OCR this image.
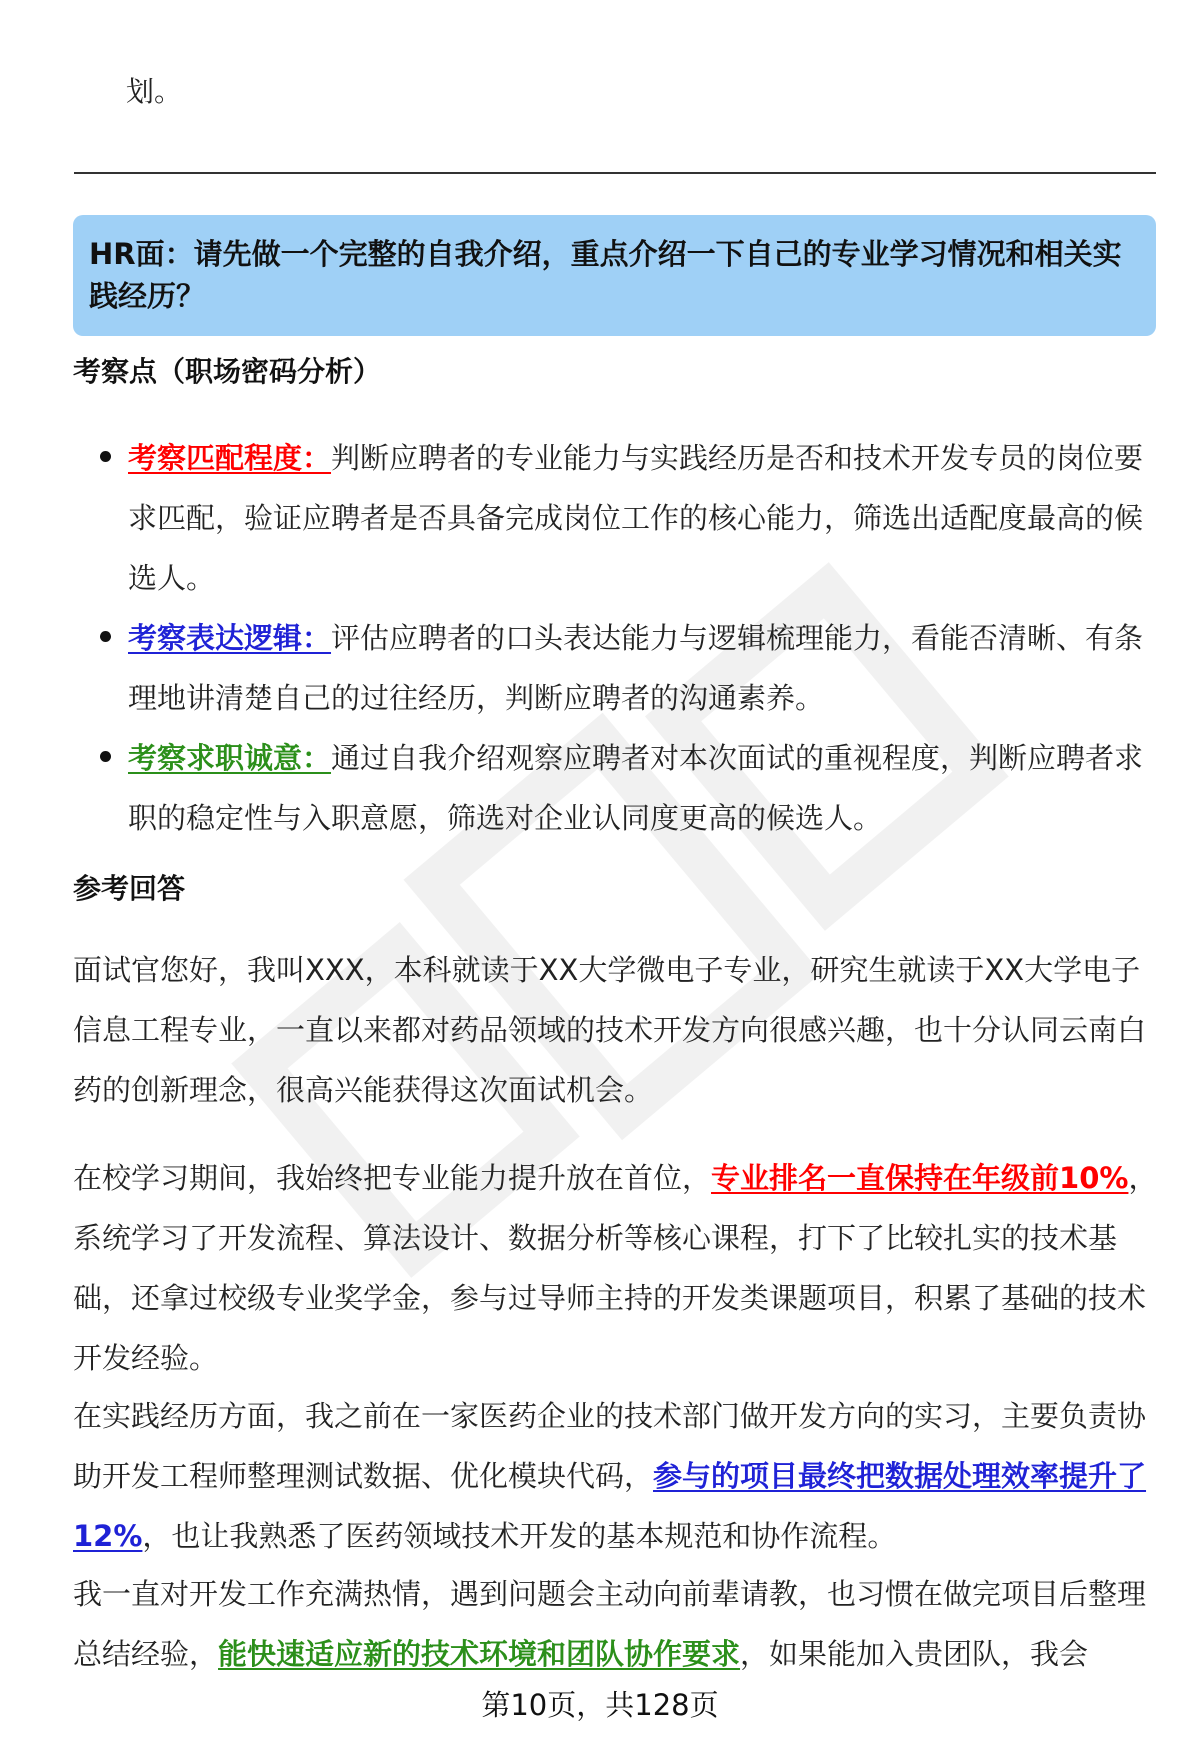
划。
HR面：请先做一个完整的自我介绍，重点介绍一下自己的专业学习情况和相关实践经历？
考察点（职场密码分析）
考察匹配程度：判断应聘者的专业能力与实践经历是否和技术开发专员的岗位要求匹配，验证应聘者是否具备完成岗位工作的核心能力，筛选出适配度最高的候选人。
考察表达逻辑：评估应聘者的口头表达能力与逻辑梳理能力，看能否清晰、有条理地讲清楚自己的过往经历，判断应聘者的沟通素养。
考察求职诚意：通过自我介绍观察应聘者对本次面试的重视程度，判断应聘者求职的稳定性与入职意愿，筛选对企业认同度更高的候选人。
参考回答
面试官您好，我叫XXX，本科就读于XX大学微电子专业，研究生就读于XX大学电子信息工程专业，一直以来都对药品领域的技术开发方向很感兴趣，也十分认同云南白药的创新理念，很高兴能获得这次面试机会。
在校学习期间，我始终把专业能力提升放在首位，专业排名一直保持在年级前10%，系统学习了开发流程、算法设计、数据分析等核心课程，打下了比较扎实的技术基础，还拿过校级专业奖学金，参与过导师主持的开发类课题项目，积累了基础的技术开发经验。
在实践经历方面，我之前在一家医药企业的技术部门做开发方向的实习，主要负责协助开发工程师整理测试数据、优化模块代码，参与的项目最终把数据处理效率提升了12%，也让我熟悉了医药领域技术开发的基本规范和协作流程。
我一直对开发工作充满热情，遇到问题会主动向前辈请教，也习惯在做完项目后整理总结经验，能快速适应新的技术环境和团队协作要求，如果能加入贵团队，我会
第10页，共128页
